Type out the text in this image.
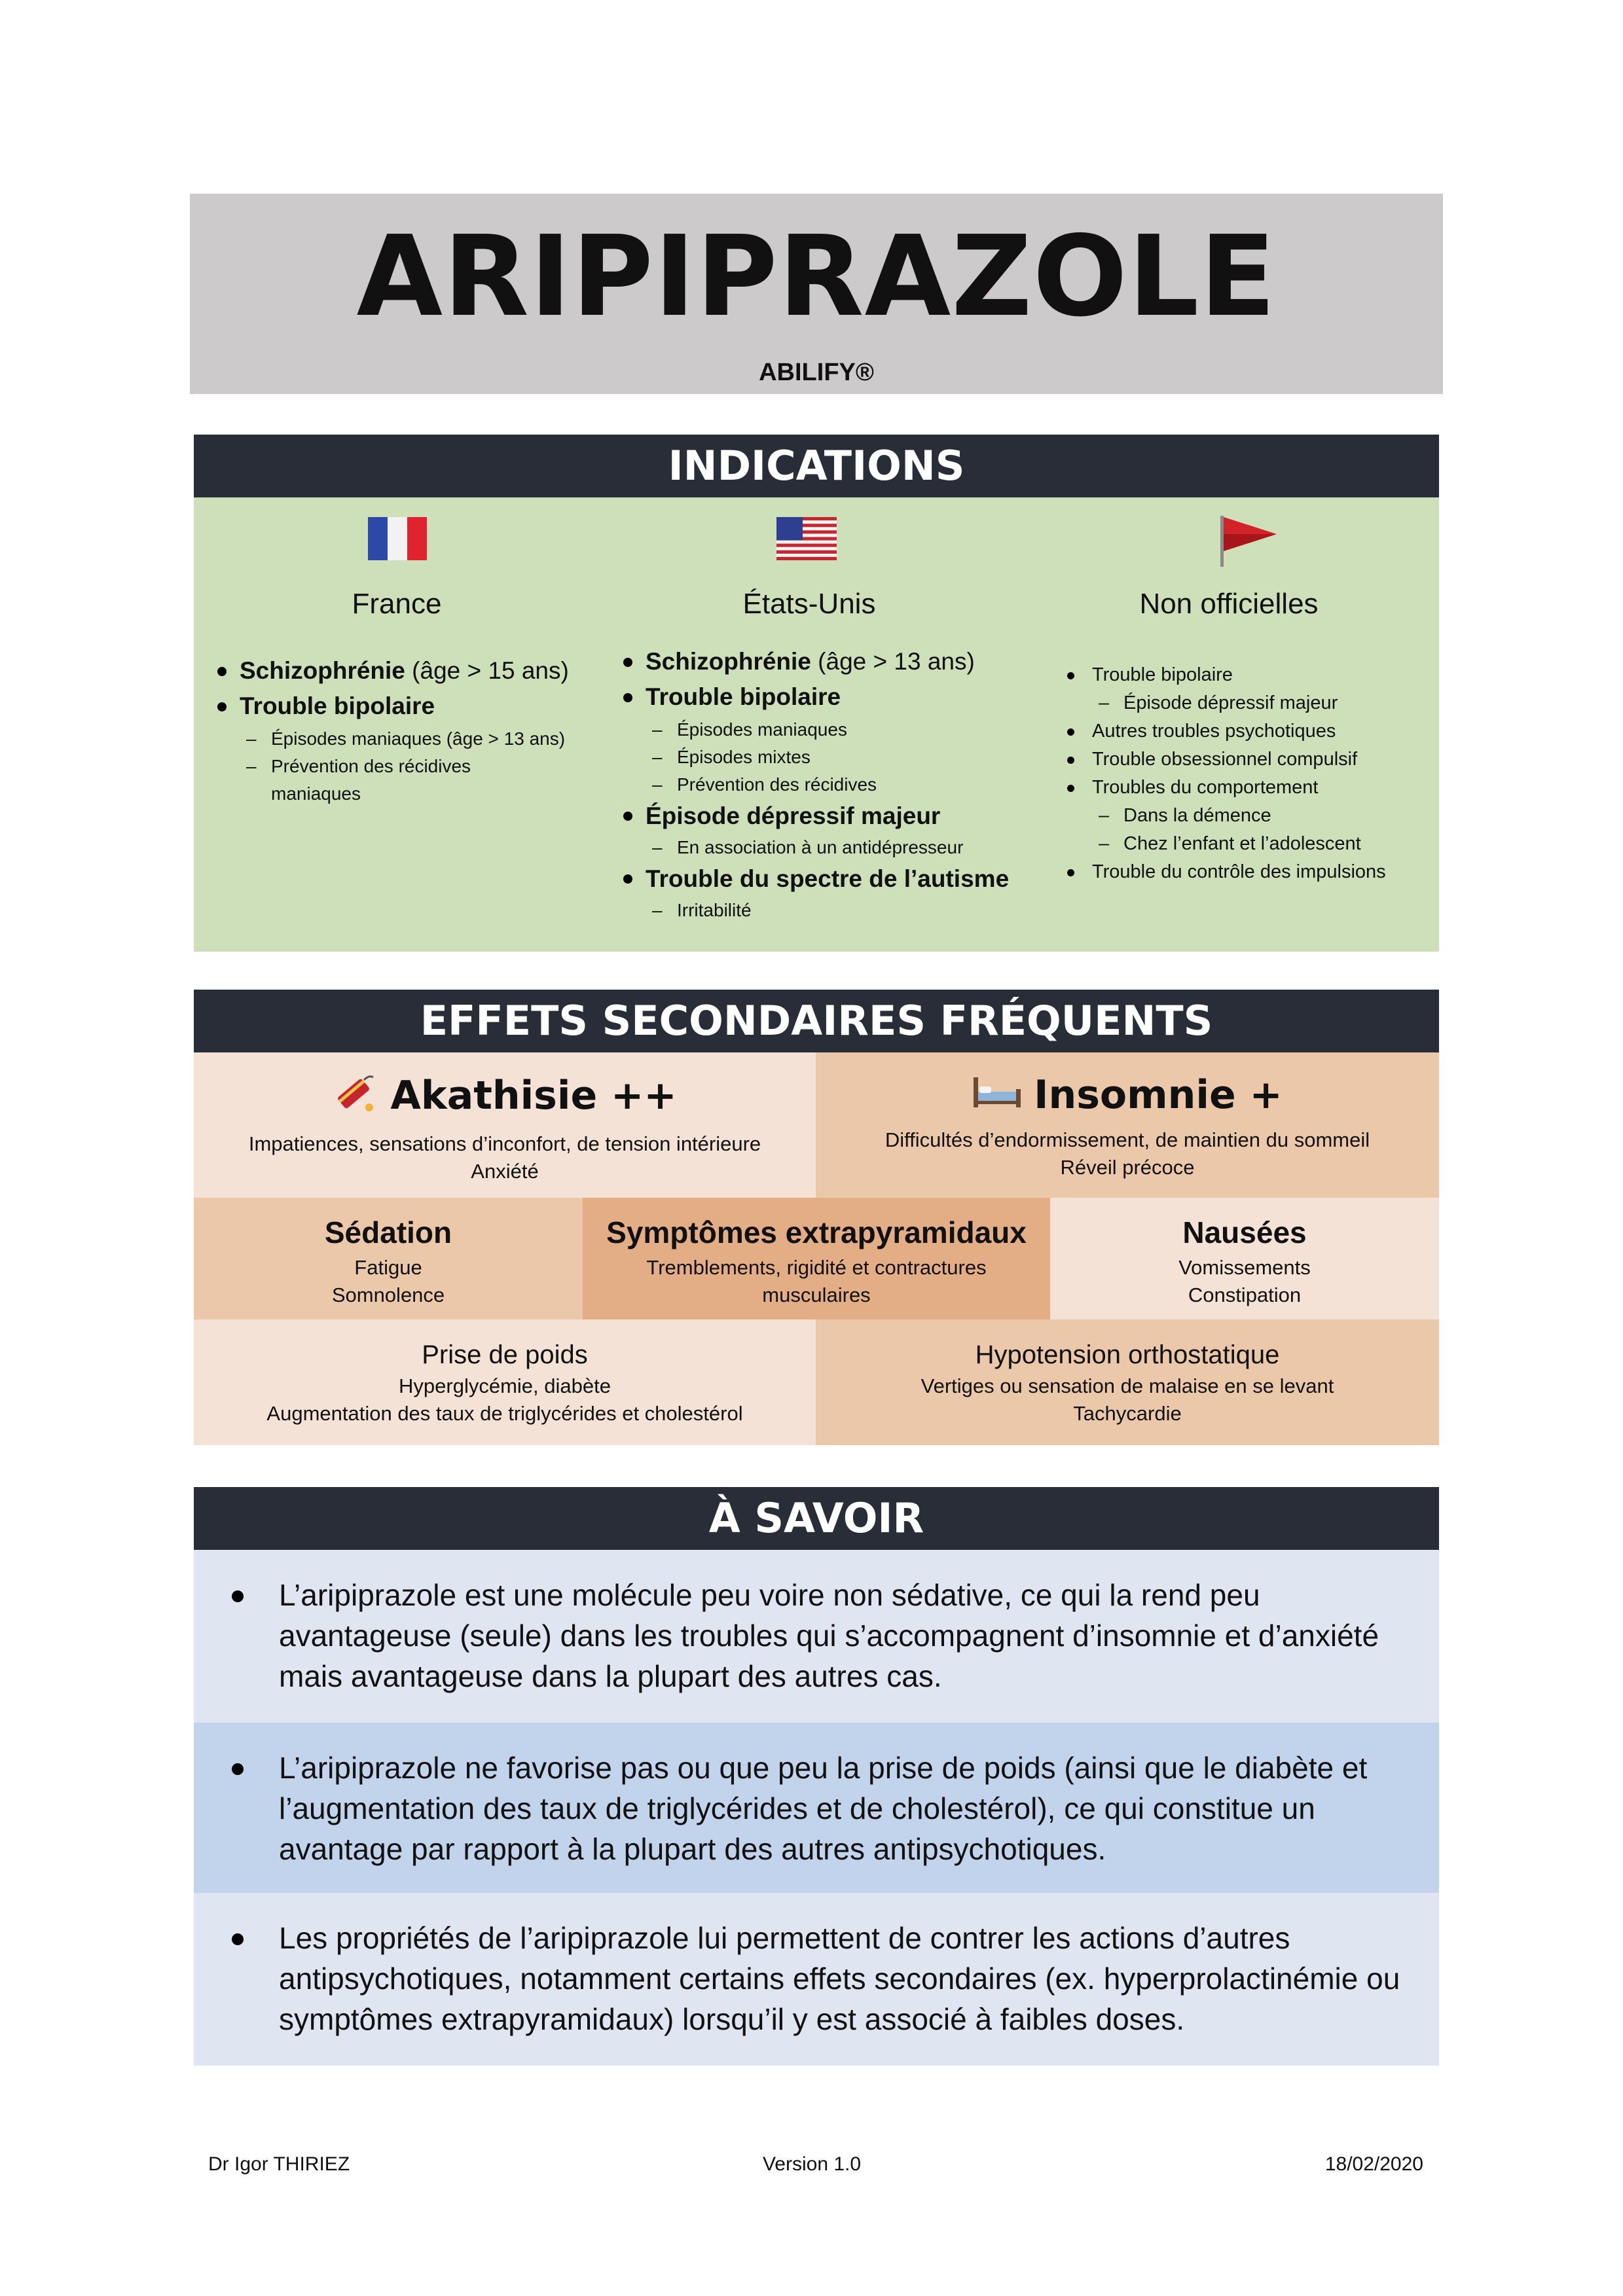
ARIPIPRAZOLE
ABILIFY®
INDICATIONS
France
Schizophrénie (âge > 15 ans)
Trouble bipolaire
– Épisodes maniaques (âge > 13 ans)
– Prévention des récidives maniaques
États-Unis
Schizophrénie (âge > 13 ans)
Trouble bipolaire
– Épisodes maniaques
– Épisodes mixtes
– Prévention des récidives
Épisode dépressif majeur
– En association à un antidépresseur
Trouble du spectre de l’autisme
– Irritabilité
Non officielles
Trouble bipolaire
– Épisode dépressif majeur
Autres troubles psychotiques
Trouble obsessionnel compulsif
Troubles du comportement
– Dans la démence
– Chez l’enfant et l’adolescent
Trouble du contrôle des impulsions
EFFETS SECONDAIRES FRÉQUENTS
Akathisie ++
Impatiences, sensations d’inconfort, de tension intérieure
Anxiété
Insomnie +
Difficultés d’endormissement, de maintien du sommeil
Réveil précoce
Sédation
Fatigue
Somnolence
Symptômes extrapyramidaux
Tremblements, rigidité et contractures
musculaires
Nausées
Vomissements
Constipation
Prise de poids
Hyperglycémie, diabète
Augmentation des taux de triglycérides et cholestérol
Hypotension orthostatique
Vertiges ou sensation de malaise en se levant
Tachycardie
À SAVOIR
L’aripiprazole est une molécule peu voire non sédative, ce qui la rend peu
avantageuse (seule) dans les troubles qui s’accompagnent d’insomnie et d’anxiété
mais avantageuse dans la plupart des autres cas.
L’aripiprazole ne favorise pas ou que peu la prise de poids (ainsi que le diabète et
l’augmentation des taux de triglycérides et de cholestérol), ce qui constitue un
avantage par rapport à la plupart des autres antipsychotiques.
Les propriétés de l’aripiprazole lui permettent de contrer les actions d’autres
antipsychotiques, notamment certains effets secondaires (ex. hyperprolactinémie ou
symptômes extrapyramidaux) lorsqu’il y est associé à faibles doses.
Dr Igor THIRIEZ	Version 1.0	18/02/2020
